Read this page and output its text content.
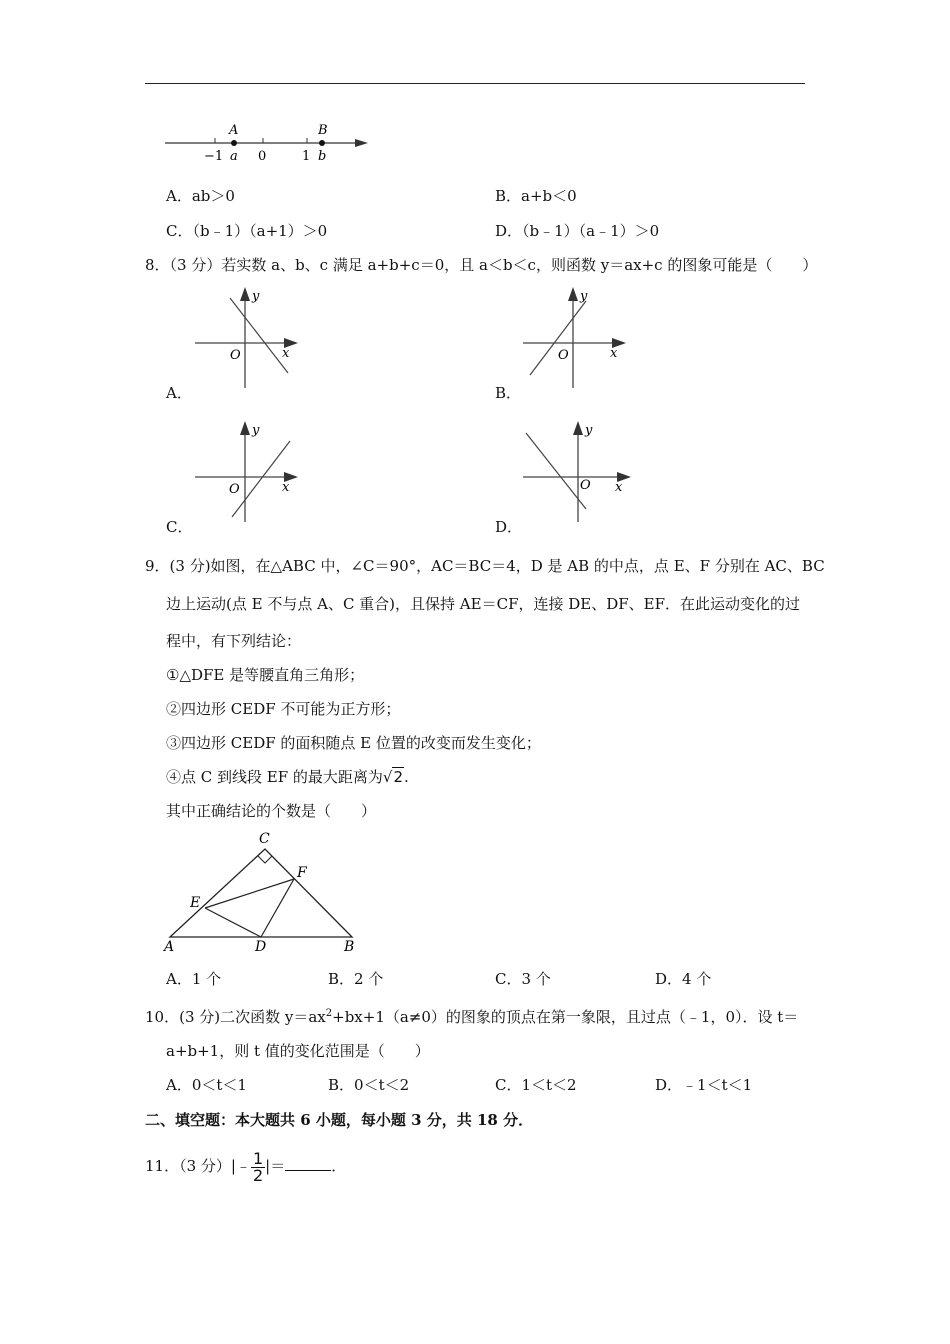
A	B
−1 a 0	1 b
A．ab＞0	B．a+b＜0
C．（b﹣1）（a+1）＞0	D．（b﹣1）（a﹣1）＞0
8．（3 分）若实数 a、b、c 满足 a+b+c＝0，且 a＜b＜c，则函数 y＝ax+c 的图象可能是（　　）
y
x
O
A．
y
x
O
B．
y
x
O
C．
y
x
O
D．
9．(3 分)如图，在△ABC 中，∠C＝90°，AC＝BC＝4，D 是 AB 的中点，点 E、F 分别在 AC、BC
边上运动(点 E 不与点 A、C 重合)，且保持 AE＝CF，连接 DE、DF、EF．在此运动变化的过
程中，有下列结论：
①△DFE 是等腰直角三角形；
②四边形 CEDF 不可能为正方形；
③四边形 CEDF 的面积随点 E 位置的改变而发生变化；
④点 C 到线段 EF 的最大距离为√2.
其中正确结论的个数是（　　）
C
F
E
A	D	B
A．1 个	B．2 个	C．3 个	D．4 个
10．(3 分)二次函数 $y=ax^2+bx+1(a\ne 0)$的图象的顶点在第一象限，且过点（﹣1，0）．设 t＝
a+b+1，则 t 值的变化范围是（　　）
A．0＜t＜1	B．0＜t＜2	C．1＜t＜2	D．﹣1＜t＜1
二、填空题：本大题共 6 小题，每小题 3 分，共 18 分．
11．（3 分）|﹣ $\frac{1}{2}$ |＝	．
